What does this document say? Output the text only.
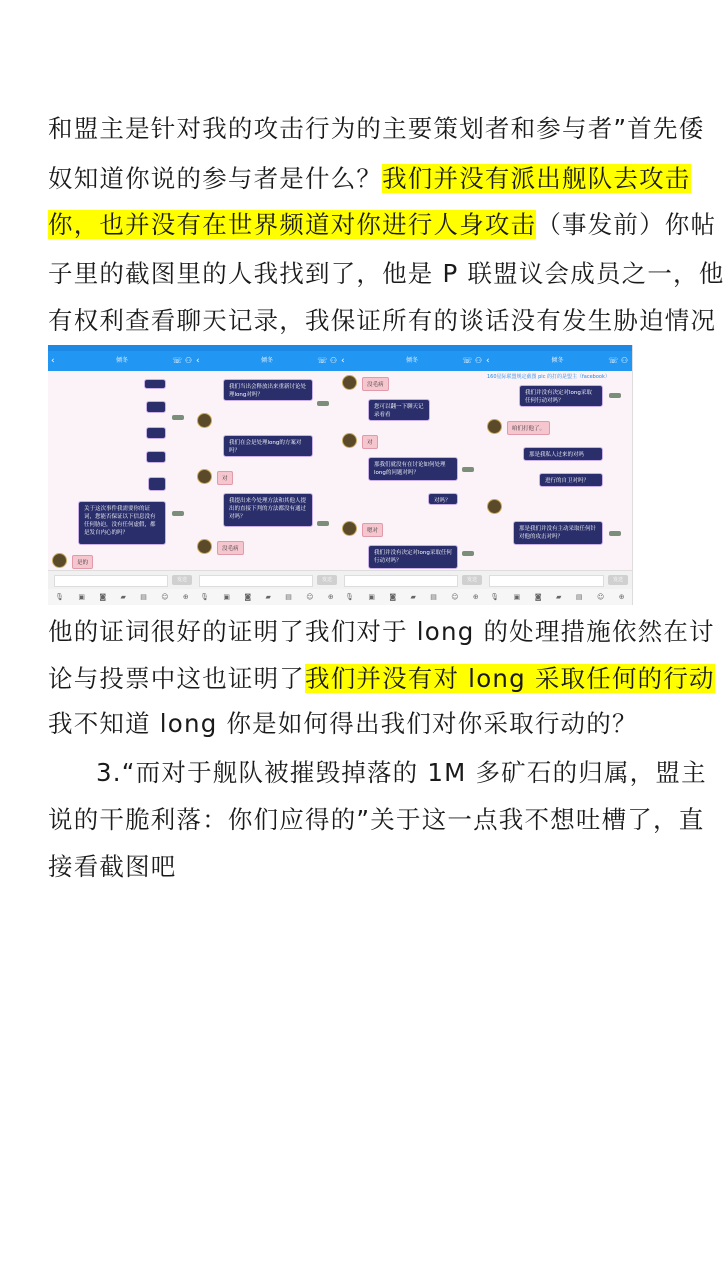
和盟主是针对我的攻击行为的主要策划者和参与者”首先倭
奴知道你说的参与者是什么？我们并没有派出舰队去攻击
你，也并没有在世界频道对你进行人身攻击（事发前）你帖
子里的截图里的人我找到了，他是 P 联盟议会成员之一，他
有权利查看聊天记录，我保证所有的谈话没有发生胁迫情况
‹	倾冬	☏ ⚇
关于这次事件我需要你的证词，您能否保证以下信息没有任何胁迫，没有任何虚假，都是发自内心的吗？
是的
发送
🎙 ▣ ◙ ▰ ▤ ☺ ⊕
‹	倾冬	☏ ⚇
我们当出会释放出来重新讨论处理long对吗？
我们在会是处理long的方案对吗？
对
我提出来今处理方法和其他人提出的直接下判的方法都没有通过对吗？
没毛病
发送
🎙 ▣ ◙ ▰ ▤ ☺ ⊕
‹	倾冬	☏ ⚇
没毛病
您可以翻一下聊天记录看看
对
那我们就没有在讨论如何处理long的问题对吗？
对吗？
嗯对
我们并没有决定对long采取任何行动对吗？
发送
🎙 ▣ ◙ ▰ ▤ ☺ ⊕
‹	倾冬	☏ ⚇
160星际联盟规定截图 pic 的打的是盟主（facebook）
我们并没有决定对long采取任何行动对吗？
咱们打他了。
那是我私人过来的对吗
进行的自卫对吗？
那是我们并没有主动采取任何针对他的攻击对吗？
发送
🎙 ▣ ◙ ▰ ▤ ☺ ⊕
他的证词很好的证明了我们对于 long 的处理措施依然在讨
论与投票中这也证明了我们并没有对 long 采取任何的行动
我不知道 long 你是如何得出我们对你采取行动的？
3.“而对于舰队被摧毁掉落的 1M 多矿石的归属，盟主
说的干脆利落：你们应得的”关于这一点我不想吐槽了，直
接看截图吧
